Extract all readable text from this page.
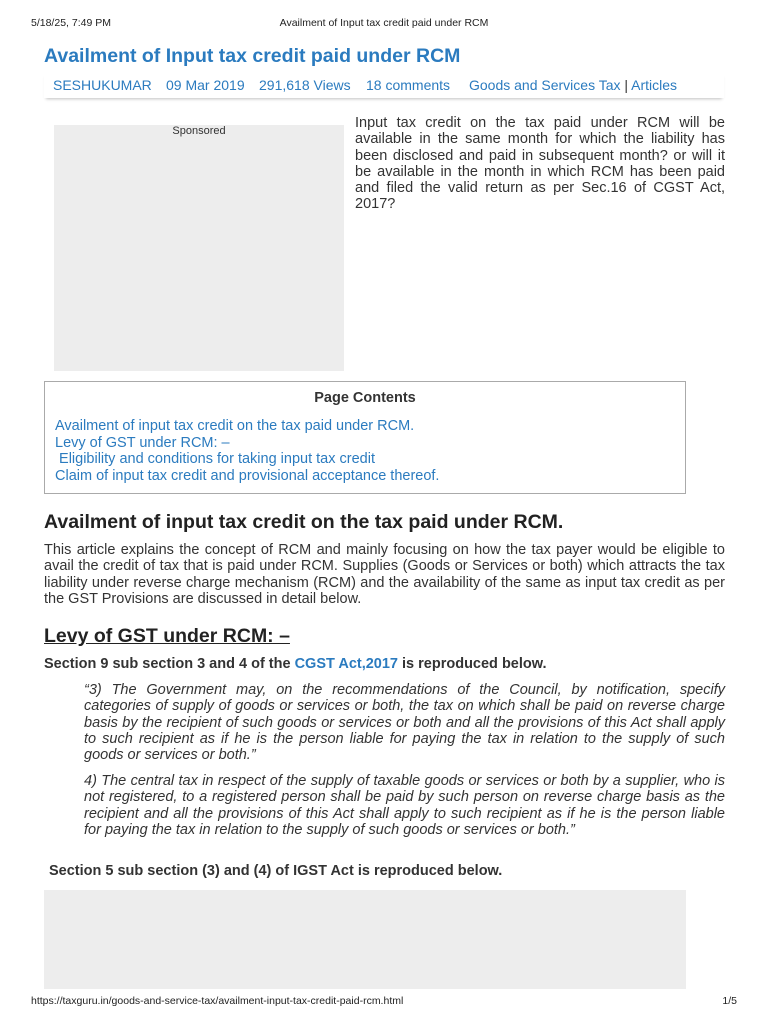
5/18/25, 7:49 PM	Availment of Input tax credit paid under RCM
Availment of Input tax credit paid under RCM
SESHUKUMAR 09 Mar 2019 291,618 Views 18 comments Goods and Services Tax | Articles
Sponsored	Input tax credit on the tax paid under RCM will be available in the same month for which the liability has been disclosed and paid in subsequent month? or will it be available in the month in which RCM has been paid and filed the valid return as per Sec.16 of CGST Act, 2017?
Page Contents
Availment of input tax credit on the tax paid under RCM.
Levy of GST under RCM: –
Eligibility and conditions for taking input tax credit
Claim of input tax credit and provisional acceptance thereof.
Availment of input tax credit on the tax paid under RCM.
This article explains the concept of RCM and mainly focusing on how the tax payer would be eligible to avail the credit of tax that is paid under RCM. Supplies (Goods or Services or both) which attracts the tax liability under reverse charge mechanism (RCM) and the availability of the same as input tax credit as per the GST Provisions are discussed in detail below.
Levy of GST under RCM: –
Section 9 sub section 3 and 4 of the CGST Act,2017 is reproduced below.
“3) The Government may, on the recommendations of the Council, by notification, specify categories of supply of goods or services or both, the tax on which shall be paid on reverse charge basis by the recipient of such goods or services or both and all the provisions of this Act shall apply to such recipient as if he is the person liable for paying the tax in relation to the supply of such goods or services or both.”
4) The central tax in respect of the supply of taxable goods or services or both by a supplier, who is not registered, to a registered person shall be paid by such person on reverse charge basis as the recipient and all the provisions of this Act shall apply to such recipient as if he is the person liable for paying the tax in relation to the supply of such goods or services or both.”
Section 5 sub section (3) and (4) of IGST Act is reproduced below.
https://taxguru.in/goods-and-service-tax/availment-input-tax-credit-paid-rcm.html	1/5
